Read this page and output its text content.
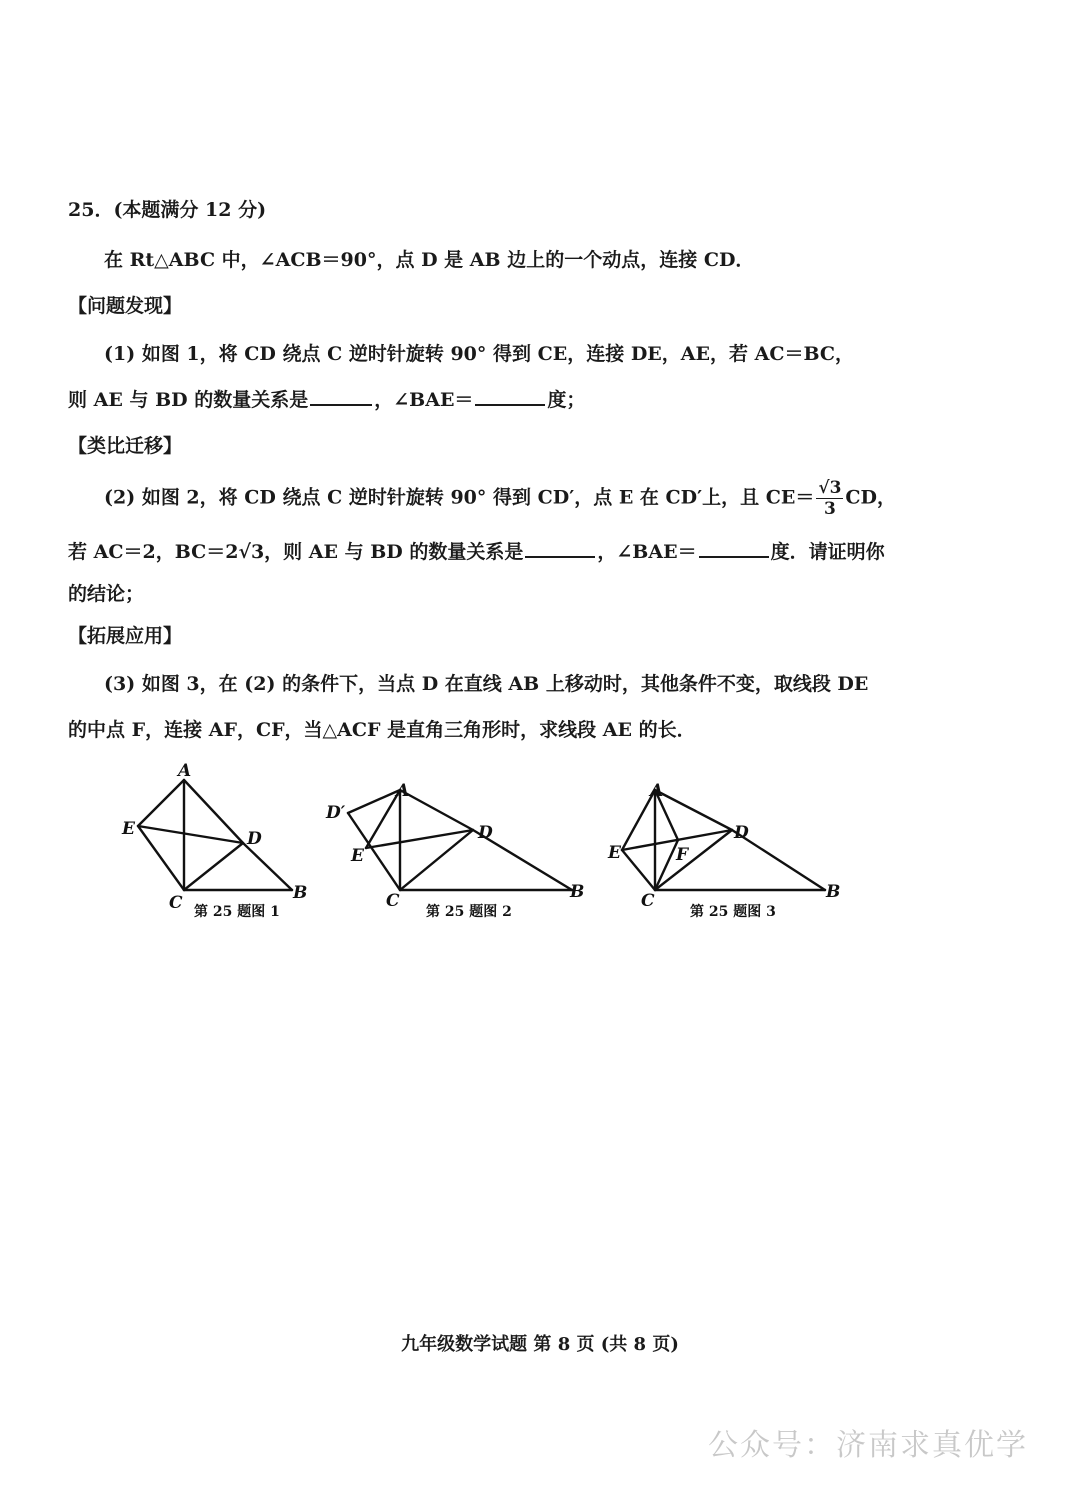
25．(本题满分 12 分)
在 Rt△ABC 中，∠ACB＝90°，点 D 是 AB 边上的一个动点，连接 CD．
【问题发现】
(1) 如图 1，将 CD 绕点 C 逆时针旋转 90° 得到 CE，连接 DE，AE，若 AC＝BC，
则 AE 与 BD 的数量关系是	，∠BAE＝	度；
【类比迁移】
(2) 如图 2，将 CD 绕点 C 逆时针旋转 90° 得到 CD′，点 E 在 CD′上，且 $CE= \frac{√3}{3}$ CD，
若 AC＝2，BC＝2√3，则 AE 与 BD 的数量关系是	，∠BAE＝	度．请证明你
的结论；
【拓展应用】
(3) 如图 3，在 (2) 的条件下，当点 D 在直线 AB 上移动时，其他条件不变，取线段 DE
的中点 F，连接 AF，CF，当△ACF 是直角三角形时，求线段 AE 的长．
A
E	D
C	B
第 25 题图 1
A
D′
E
D
C	B
第 25 题图 2
A
E	F
D
C	B
第 25 题图 3
九年级数学试题 第 8 页 (共 8 页)
公众号：济南求真优学
